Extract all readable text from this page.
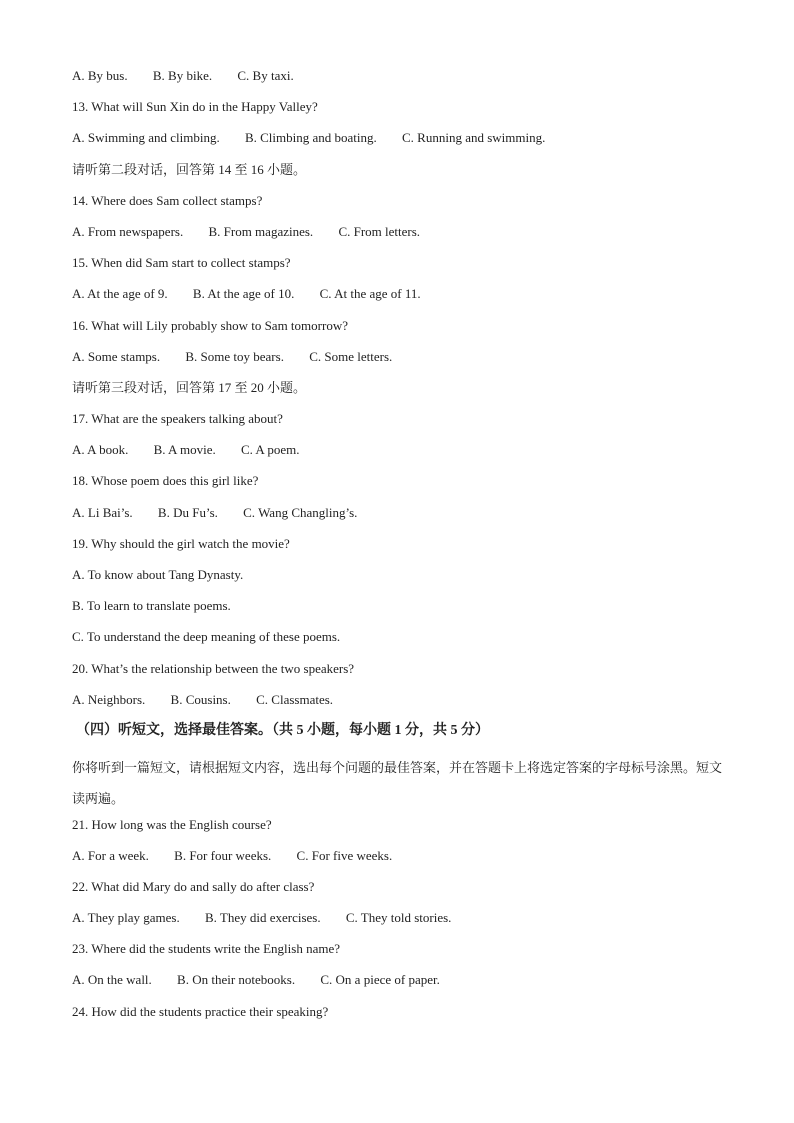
A. By bus. B. By bike. C. By taxi.
13. What will Sun Xin do in the Happy Valley?
A. Swimming and climbing. B. Climbing and boating. C. Running and swimming.
请听第二段对话，回答第 14 至 16 小题。
14. Where does Sam collect stamps?
A. From newspapers. B. From magazines. C. From letters.
15. When did Sam start to collect stamps?
A. At the age of 9. B. At the age of 10. C. At the age of 11.
16. What will Lily probably show to Sam tomorrow?
A. Some stamps. B. Some toy bears. C. Some letters.
请听第三段对话，回答第 17 至 20 小题。
17. What are the speakers talking about?
A. A book. B. A movie. C. A poem.
18. Whose poem does this girl like?
A. Li Bai’s. B. Du Fu’s. C. Wang Changling’s.
19. Why should the girl watch the movie?
A. To know about Tang Dynasty.
B. To learn to translate poems.
C. To understand the deep meaning of these poems.
20. What’s the relationship between the two speakers?
A. Neighbors. B. Cousins. C. Classmates.
（四）听短文，选择最佳答案。（共 5 小题，每小题 1 分，共 5 分）
你将听到一篇短文，请根据短文内容，选出每个问题的最佳答案，并在答题卡上将选定答案的字母标号涂黑。短文读两遍。
21. How long was the English course?
A. For a week. B. For four weeks. C. For five weeks.
22. What did Mary do and sally do after class?
A. They play games. B. They did exercises. C. They told stories.
23. Where did the students write the English name?
A. On the wall. B. On their notebooks. C. On a piece of paper.
24. How did the students practice their speaking?
